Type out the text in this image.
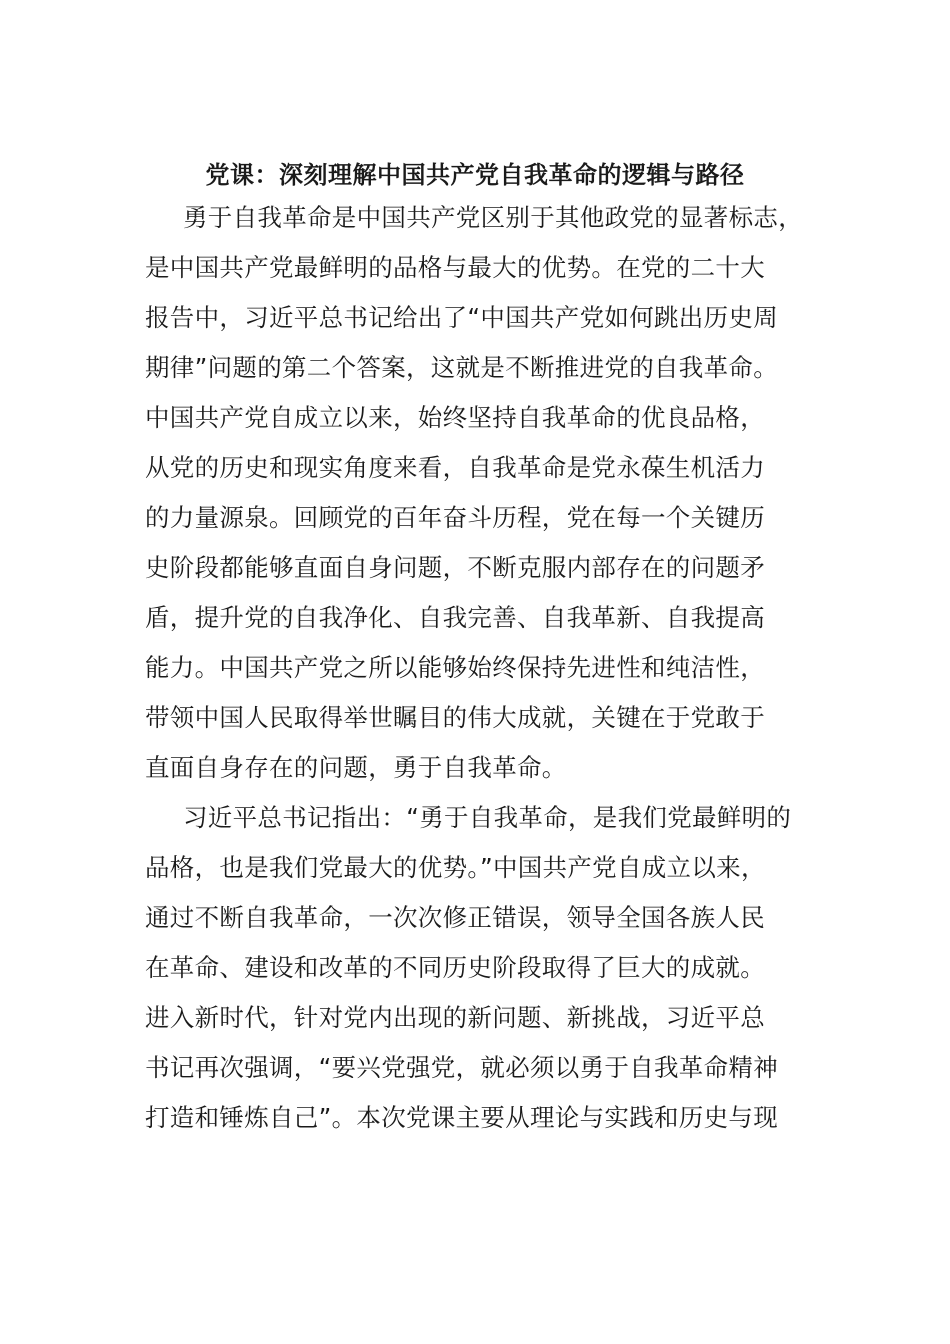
党课：深刻理解中国共产党自我革命的逻辑与路径
勇于自我革命是中国共产党区别于其他政党的显著标志，
是中国共产党最鲜明的品格与最大的优势。在党的二十大
报告中，习近平总书记给出了“中国共产党如何跳出历史周
期律”问题的第二个答案，这就是不断推进党的自我革命。
中国共产党自成立以来，始终坚持自我革命的优良品格，
从党的历史和现实角度来看，自我革命是党永葆生机活力
的力量源泉。回顾党的百年奋斗历程，党在每一个关键历
史阶段都能够直面自身问题，不断克服内部存在的问题矛
盾，提升党的自我净化、自我完善、自我革新、自我提高
能力。中国共产党之所以能够始终保持先进性和纯洁性，
带领中国人民取得举世瞩目的伟大成就，关键在于党敢于
直面自身存在的问题，勇于自我革命。
习近平总书记指出：“勇于自我革命，是我们党最鲜明的
品格，也是我们党最大的优势。”中国共产党自成立以来，
通过不断自我革命，一次次修正错误，领导全国各族人民
在革命、建设和改革的不同历史阶段取得了巨大的成就。
进入新时代，针对党内出现的新问题、新挑战，习近平总
书记再次强调，“要兴党强党，就必须以勇于自我革命精神
打造和锤炼自己”。本次党课主要从理论与实践和历史与现
